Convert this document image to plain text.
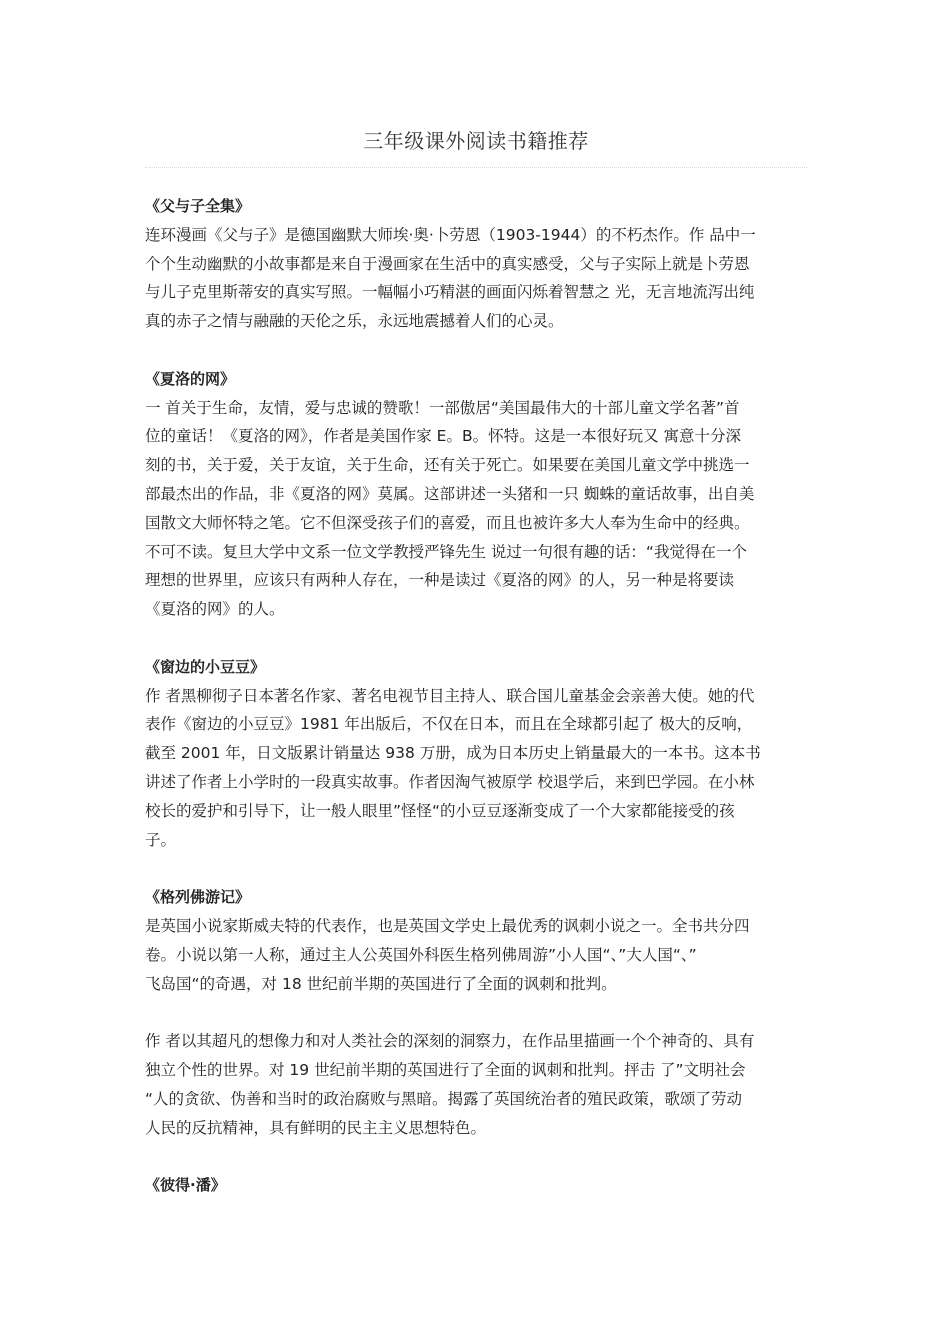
三年级课外阅读书籍推荐
《父与子全集》
连环漫画《父与子》是德国幽默大师埃·奥·卜劳恩（1903-1944）的不朽杰作。作 品中一
个个生动幽默的小故事都是来自于漫画家在生活中的真实感受，父与子实际上就是卜劳恩
与儿子克里斯蒂安的真实写照。一幅幅小巧精湛的画面闪烁着智慧之 光，无言地流泻出纯
真的赤子之情与融融的天伦之乐，永远地震撼着人们的心灵。
《夏洛的网》
一 首关于生命，友情，爱与忠诚的赞歌！一部傲居“美国最伟大的十部儿童文学名著”首
位的童话！《夏洛的网》，作者是美国作家 E。B。怀特。这是一本很好玩又 寓意十分深
刻的书，关于爱，关于友谊，关于生命，还有关于死亡。如果要在美国儿童文学中挑选一
部最杰出的作品，非《夏洛的网》莫属。这部讲述一头猪和一只 蜘蛛的童话故事，出自美
国散文大师怀特之笔。它不但深受孩子们的喜爱，而且也被许多大人奉为生命中的经典。
不可不读。复旦大学中文系一位文学教授严锋先生 说过一句很有趣的话：“我觉得在一个
理想的世界里，应该只有两种人存在，一种是读过《夏洛的网》的人，另一种是将要读
《夏洛的网》的人。
《窗边的小豆豆》
作 者黑柳彻子日本著名作家、著名电视节目主持人、联合国儿童基金会亲善大使。她的代
表作《窗边的小豆豆》1981 年出版后，不仅在日本，而且在全球都引起了 极大的反响，
截至 2001 年，日文版累计销量达 938 万册，成为日本历史上销量最大的一本书。这本书
讲述了作者上小学时的一段真实故事。作者因淘气被原学 校退学后，来到巴学园。在小林
校长的爱护和引导下，让一般人眼里”怪怪“的小豆豆逐渐变成了一个大家都能接受的孩
子。
《格列佛游记》
是英国小说家斯威夫特的代表作，也是英国文学史上最优秀的讽刺小说之一。全书共分四
卷。小说以第一人称，通过主人公英国外科医生格列佛周游”小人国“、”大人国“、”
飞岛国“的奇遇，对 18 世纪前半期的英国进行了全面的讽刺和批判。
作 者以其超凡的想像力和对人类社会的深刻的洞察力，在作品里描画一个个神奇的、具有
独立个性的世界。对 19 世纪前半期的英国进行了全面的讽刺和批判。抨击 了”文明社会
“人的贪欲、伪善和当时的政治腐败与黑暗。揭露了英国统治者的殖民政策，歌颂了劳动
人民的反抗精神，具有鲜明的民主主义思想特色。
《彼得·潘》
